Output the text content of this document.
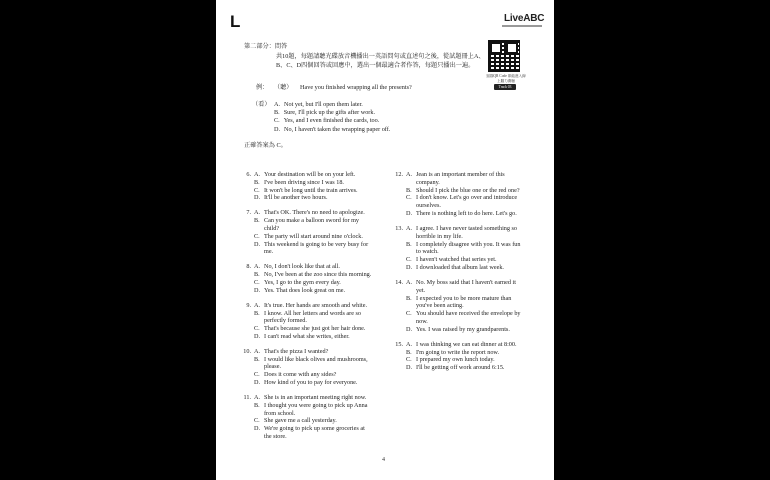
L	LiveABC
第二部分：問答
共10題，每題請聽光碟放音機播出一英語問句或直述句之後，從試題冊上A、B、C、D四個回答或回應中，選出一個最適合者作答，每題只播出一遍。
掃描QR Code 即能進入線上聽力測驗
Track 03
例： （聽） Have you finished wrapping all the presents?
（看） A. Not yet, but I'll open them later.
B. Sure, I'll pick up the gifts after work.
C. Yes, and I even finished the cards, too.
D. No, I haven't taken the wrapping paper off.
正確答案為 C。
6. A. Your destination will be on your left.
B. I've been driving since I was 18.
C. It won't be long until the train arrives.
D. It'll be another two hours.
7. A. That's OK. There's no need to apologize.
B. Can you make a balloon sword for my
child?
C. The party will start around nine o'clock.
D. This weekend is going to be very busy for
me.
8. A. No, I don't look like that at all.
B. No, I've been at the zoo since this morning.
C. Yes, I go to the gym every day.
D. Yes. That does look great on me.
9. A. It's true. Her hands are smooth and white.
B. I know. All her letters and words are so
perfectly formed.
C. That's because she just got her hair done.
D. I can't read what she writes, either.
10. A. That's the pizza I wanted?
B. I would like black olives and mushrooms,
please.
C. Does it come with any sides?
D. How kind of you to pay for everyone.
11. A. She is in an important meeting right now.
B. I thought you were going to pick up Anna
from school.
C. She gave me a call yesterday.
D. We're going to pick up some groceries at
the store.
12. A. Jean is an important member of this
company.
B. Should I pick the blue one or the red one?
C. I don't know. Let's go over and introduce
ourselves.
D. There is nothing left to do here. Let's go.
13. A. I agree. I have never tasted something so
horrible in my life.
B. I completely disagree with you. It was fun
to watch.
C. I haven't watched that series yet.
D. I downloaded that album last week.
14. A. No. My boss said that I haven't earned it
yet.
B. I expected you to be more mature than
you've been acting.
C. You should have received the envelope by
now.
D. Yes. I was raised by my grandparents.
15. A. I was thinking we can eat dinner at 8:00.
B. I'm going to write the report now.
C. I prepared my own lunch today.
D. I'll be getting off work around 6:15.
4
